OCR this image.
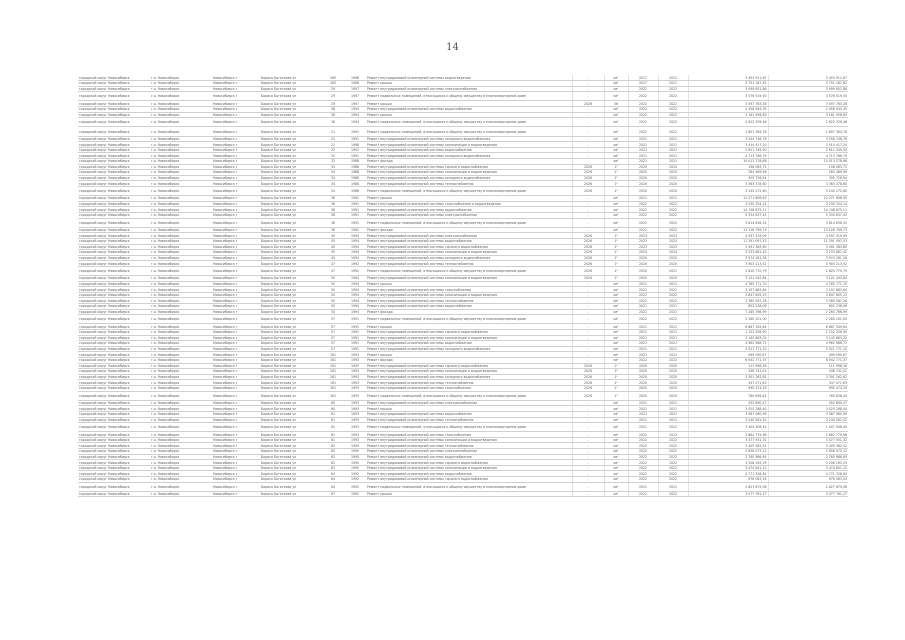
14
городской округ Новосибирск	г.о. Новосибирск	Новосибирск г	Бориса Богаткова ул	165	1998	Ремонт внутридомовой инженерной системы водоотведения	-	кв²	2017	2021	3 453 911,67	3 453 911,67
городской округ Новосибирск	г.о. Новосибирск	Новосибирск г	Бориса Богаткова ул	165	1998	Ремонт крыши	-	кв²	2017	2021	3 751 187,82	3 751 187,82
городской округ Новосибирск	г.о. Новосибирск	Новосибирск г	Бориса Богаткова ул	29	1997	Ремонт внутридомовой инженерной системы электроснабжения	-	кв²	2022	2022	3 099 651,86	3 099 651,86
городской округ Новосибирск	г.о. Новосибирск	Новосибирск г	Бориса Богаткова ул	29	1997	Ремонт подвальных помещений, относящихся к общему имуществу в многоквартирном доме	-	кв²	2022	2022	3 576 519,50	3 576 519,50
городской округ Новосибирск	г.о. Новосибирск	Новосибирск г	Бориса Богаткова ул	29	1997	Ремонт крыши	2026	56	2022	2022	3 597 763,28	3 597 763,28
городской округ Новосибирск	г.о. Новосибирск	Новосибирск г	Бориса Богаткова ул	38	1994	Ремонт внутридомовой инженерной системы водоснабжения	-	кв²	2022	2022	2 458 944,35	2 458 944,35
городской округ Новосибирск	г.о. Новосибирск	Новосибирск г	Бориса Богаткова ул	38	1994	Ремонт крыши	-	кв²	2022	2022	3 161 956,63	3 161 956,63
городской округ Новосибирск	г.о. Новосибирск	Новосибирск г	Бориса Богаткова ул	38	1994	Ремонт подвальных помещений, относящихся к общему имуществу в многоквартирном доме	-	кв²	2022	2022	2 622 329,46	2 622 329,46
городской округ Новосибирск	г.о. Новосибирск	Новосибирск г	Бориса Богаткова ул	21	1991	Ремонт подвальных помещений, относящихся к общему имуществу в многоквартирном доме	-	кв²	2022	2022	1 807 364,76	1 807 364,76
городской округ Новосибирск	г.о. Новосибирск	Новосибирск г	Бориса Богаткова ул	21	1991	Ремонт внутридомовой инженерной системы холодного водоснабжения	-	кв²	2021	2021	3 544 746,76	3 558 746,76
городской округ Новосибирск	г.о. Новосибирск	Новосибирск г	Бориса Богаткова ул	21	1988	Ремонт внутридомовой инженерной системы канализации и водоотведения	-	кв²	2021	2021	3 414 417,20	3 414 417,20
городской округ Новосибирск	г.о. Новосибирск	Новосибирск г	Бориса Богаткова ул	32	1991	Ремонт внутридомовой инженерной системы водоснабжения	-	кв²	2021	2021	2 611 349,50	2 611 349,50
городской округ Новосибирск	г.о. Новосибирск	Новосибирск г	Бориса Богаткова ул	32	1991	Ремонт внутридомовой инженерной системы холодного водоснабжения	-	кв²	2021	2021	4 713 766,79	4 713 766,79
городской округ Новосибирск	г.о. Новосибирск	Новосибирск г	Бориса Богаткова ул	32	1988	Ремонт фасада	-	кв²	2021	2021	10 013 278,98	10 013 278,98
городской округ Новосибирск	г.о. Новосибирск	Новосибирск г	Бориса Богаткова ул	34	1988	Ремонт внутридомовой инженерной системы горячего водоснабжения	2026	1²	2020	2020	158 063,72	158 063,72
городской округ Новосибирск	г.о. Новосибирск	Новосибирск г	Бориса Богаткова ул	34	1988	Ремонт внутридомовой инженерной системы канализации и водоотведения	2026	1²	2020	2020	284 469,96	284 469,96
городской округ Новосибирск	г.о. Новосибирск	Новосибирск г	Бориса Богаткова ул	34	1988	Ремонт внутридомовой инженерной системы холодного водоснабжения	2026	1²	2020	2020	305 726,94	305 726,94
городской округ Новосибирск	г.о. Новосибирск	Новосибирск г	Бориса Богаткова ул	34	1988	Ремонт внутридомовой инженерной системы теплоснабжения	2026	1²	2020	2020	3 363 378,60	3 363 378,60
городской округ Новосибирск	г.о. Новосибирск	Новосибирск г	Бориса Богаткова ул	34	1988	Ремонт подвальных помещений, относящихся к общему имуществу в многоквартирном доме	2026	1²	2020	2020	3 245 272,60	3 245 272,60
городской округ Новосибирск	г.о. Новосибирск	Новосибирск г	Бориса Богаткова ул	38	1991	Ремонт крыши	-	кв²	2021	2021	12 071 806,95	12 071 806,95
городской округ Новосибирск	г.о. Новосибирск	Новосибирск г	Бориса Богаткова ул	38	1991	Ремонт внутридомовой инженерной системы газоснабжения и водоотведения	-	кв²	2022	2022	3 230 354,14	3 230 354,14
городской округ Новосибирск	г.о. Новосибирск	Новосибирск г	Бориса Богаткова ул	38	1991	Ремонт внутридомовой инженерной системы водоснабжения	-	кв²	2022	2022	14 748 875,11	14 748 875,11
городской округ Новосибирск	г.о. Новосибирск	Новосибирск г	Бориса Богаткова ул	38	1991	Ремонт внутридомовой инженерной системы электроснабжения	-	кв²	2022	2022	5 334 637,45	5 334 637,45
городской округ Новосибирск	г.о. Новосибирск	Новосибирск г	Бориса Богаткова ул	38	1991	Ремонт подвальных помещений, относящихся к общему имуществу в многоквартирном доме	-	кв²	2022	2022	3 814 636,32	3 814 636,32
городской округ Новосибирск	г.о. Новосибирск	Новосибирск г	Бориса Богаткова ул	38	1991	Ремонт фасада	-	кв²	2022	2022	13 126 799,73	13 126 799,73
городской округ Новосибирск	г.о. Новосибирск	Новосибирск г	Бориса Богаткова ул	45	1994	Ремонт внутридомовой инженерной системы электроснабжения	2026	1²	2023	2023	4 597 319,09	4 597 319,09
городской округ Новосибирск	г.о. Новосибирск	Новосибирск г	Бориса Богаткова ул	45	1994	Ремонт внутридомовой инженерной системы водоснабжения	2026	1²	2023	2023	11 291 097,33	11 291 097,33
городской округ Новосибирск	г.о. Новосибирск	Новосибирск г	Бориса Богаткова ул	45	1994	Ремонт внутридомовой инженерной системы горячего водоснабжения	2026	1²	2023	2023	3 491 383,60	3 491 383,60
городской округ Новосибирск	г.о. Новосибирск	Новосибирск г	Бориса Богаткова ул	45	1994	Ремонт внутридомовой инженерной системы канализации и водоотведения	2026	1²	2024	2024	3 233 881,42	3 233 881,42
городской округ Новосибирск	г.о. Новосибирск	Новосибирск г	Бориса Богаткова ул	45	1994	Ремонт внутридомовой инженерной системы холодного водоснабжения	2026	1²	2020	2020	3 974 281,28	3 974 281,28
городской округ Новосибирск	г.о. Новосибирск	Новосибирск г	Бориса Богаткова ул	47	1992	Ремонт внутридомовой инженерной системы теплоснабжения	2026	1²	2020	2020	3 903 213,52	3 903 213,52
городской округ Новосибирск	г.о. Новосибирск	Новосибирск г	Бориса Богаткова ул	47	1992	Ремонт подвальных помещений, относящихся к общему имуществу в многоквартирном доме	2026	1²	2020	2021	2 820 770,79	2 820 770,79
городской округ Новосибирск	г.о. Новосибирск	Новосибирск г	Бориса Богаткова ул	50	1994	Ремонт внутридомовой инженерной системы канализации и водоотведения	2026	1²	2020	2020	3 121 442,84	3 121 442,84
городской округ Новосибирск	г.о. Новосибирск	Новосибирск г	Бориса Богаткова ул	50	1994	Ремонт крыши	-	кв²	2021	2021	4 785 771,70	4 785 771,70
городской округ Новосибирск	г.о. Новосибирск	Новосибирск г	Бориса Богаткова ул	50	1994	Ремонт внутридомовой инженерной системы газоснабжения	-	кв²	2021	2021	3 197 683,84	3 197 683,84
городской округ Новосибирск	г.о. Новосибирск	Новосибирск г	Бориса Богаткова ул	50	1994	Ремонт внутридомовой инженерной системы канализации и водоотведения	-	кв²	2022	2022	3 847 605,23	3 847 605,23
городской округ Новосибирск	г.о. Новосибирск	Новосибирск г	Бориса Богаткова ул	50	1994	Ремонт внутридомовой инженерной системы теплоснабжения	-	кв²	2022	2022	3 385 587,28	3 385 587,28
городской округ Новосибирск	г.о. Новосибирск	Новосибирск г	Бориса Богаткова ул	50	1994	Ремонт внутридомовой инженерной системы водоснабжения	-	кв²	2021	2021	802 238,06	802 238,06
городской округ Новосибирск	г.о. Новосибирск	Новосибирск г	Бориса Богаткова ул	50	1994	Ремонт фасада	-	кв²	2021	2021	7 265 766,99	7 265 766,99
городской округ Новосибирск	г.о. Новосибирск	Новосибирск г	Бориса Богаткова ул	57	1991	Ремонт подвальных помещений, относящихся к общему имуществу в многоквартирном доме	-	кв²	2022	2022	2 260 101,00	2 260 101,00
городской округ Новосибирск	г.о. Новосибирск	Новосибирск г	Бориса Богаткова ул	57	1991	Ремонт крыши	-	кв²	2021	2021	6 887 349,64	6 887 349,64
городской округ Новосибирск	г.о. Новосибирск	Новосибирск г	Бориса Богаткова ул	57	1991	Ремонт внутридомовой инженерной системы горячего водоснабжения	-	кв²	2021	2021	1 152 206,90	1 152 206,90
городской округ Новосибирск	г.о. Новосибирск	Новосибирск г	Бориса Богаткова ул	57	1991	Ремонт внутридомовой инженерной системы канализации и водоотведения	-	кв²	2021	2021	3 145 863,02	3 145 863,02
городской округ Новосибирск	г.о. Новосибирск	Новосибирск г	Бориса Богаткова ул	57	1991	Ремонт внутридомовой инженерной системы водоснабжения	-	кв²	2021	2021	4 962 986,72	4 962 986,72
городской округ Новосибирск	г.о. Новосибирск	Новосибирск г	Бориса Богаткова ул	57	1991	Ремонт внутридомовой инженерной системы холодного водоснабжения	-	кв²	2021	2021	3 021 771,10	3 021 771,10
городской округ Новосибирск	г.о. Новосибирск	Новосибирск г	Бориса Богаткова ул	161	1993	Ремонт крыши	-	кв²	2021	2021	499 090,67	499 090,67
городской округ Новосибирск	г.о. Новосибирск	Новосибирск г	Бориса Богаткова ул	161	1993	Ремонт фасада	-	кв²	2022	2022	6 942 771,37	6 942 771,37
городской округ Новосибирск	г.о. Новосибирск	Новосибирск г	Бориса Богаткова ул	161	1993	Ремонт внутридомовой инженерной системы горячего водоснабжения	2026	1²	2020	2020	111 998,36	111 998,36
городской округ Новосибирск	г.о. Новосибирск	Новосибирск г	Бориса Богаткова ул	161	1993	Ремонт внутридомовой инженерной системы канализации и водоотведения	2026	1²	2020	2020	348 741,02	348 741,02
городской округ Новосибирск	г.о. Новосибирск	Новосибирск г	Бориса Богаткова ул	161	1993	Ремонт внутридомовой инженерной системы холодного водоснабжения	2026	1²	2020	2020	3 301 262,62	3 301 262,62
городской округ Новосибирск	г.о. Новосибирск	Новосибирск г	Бориса Богаткова ул	161	1993	Ремонт внутридомовой инженерной системы теплоснабжения	2026	1²	2020	2020	347 071,63	347 071,63
городской округ Новосибирск	г.о. Новосибирск	Новосибирск г	Бориса Богаткова ул	161	1993	Ремонт внутридомовой инженерной системы газоснабжения	2026	1²	2020	2020	990 474,29	990 474,29
городской округ Новосибирск	г.о. Новосибирск	Новосибирск г	Бориса Богаткова ул	161	1993	Ремонт подвальных помещений, относящихся к общему имуществу в многоквартирном доме	2026	1²	2020	2020	760 636,44	760 636,44
городской округ Новосибирск	г.о. Новосибирск	Новосибирск г	Бориса Богаткова ул	60	1993	Ремонт внутридомовой инженерной системы электроснабжения	-	кв²	2021	2021	452 890,47	452 890,47
городской округ Новосибирск	г.о. Новосибирск	Новосибирск г	Бориса Богаткова ул	60	1993	Ремонт крыши	-	кв²	2021	2021	3 025 288,40	3 025 288,40
городской округ Новосибирск	г.о. Новосибирск	Новосибирск г	Бориса Богаткова ул	61	1993	Ремонт внутридомовой инженерной системы водоснабжения	-	кв²	2021	2021	3 087 060,99	3 087 060,99
городской округ Новосибирск	г.о. Новосибирск	Новосибирск г	Бориса Богаткова ул	61	1993	Ремонт внутридомовой инженерной системы теплоснабжения	-	кв²	2021	2021	3 240 561,52	3 240 561,52
городской округ Новосибирск	г.о. Новосибирск	Новосибирск г	Бориса Богаткова ул	61	1993	Ремонт подвальных помещений, относящихся к общему имуществу в многоквартирном доме	-	кв²	2021	2022	3 404 406,45	1 407 946,45
городской округ Новосибирск	г.о. Новосибирск	Новосибирск г	Бориса Богаткова ул	61	1993	Ремонт внутридомовой инженерной системы газоснабжения	-	кв²	2022	2022	2 862 779,96	2 862 779,96
городской округ Новосибирск	г.о. Новосибирск	Новосибирск г	Бориса Богаткова ул	61	1993	Ремонт внутридомовой инженерной системы канализации и водоотведения	-	кв²	2022	2022	3 477 931,32	3 477 931,32
городской округ Новосибирск	г.о. Новосибирск	Новосибирск г	Бориса Богаткова ул	62	1990	Ремонт внутридомовой инженерной системы теплоснабжения	-	кв²	2022	2022	3 405 382,52	3 405 382,52
городской округ Новосибирск	г.о. Новосибирск	Новосибирск г	Бориса Богаткова ул	62	1990	Ремонт внутридомовой инженерной системы электроснабжения	-	кв²	2022	2022	2 856 073,12	2 856 073,12
городской округ Новосибирск	г.о. Новосибирск	Новосибирск г	Бориса Богаткова ул	62	1990	Ремонт внутридомовой инженерной системы водоснабжения	-	кв²	2022	2022	2 760 986,65	2 760 986,65
городской округ Новосибирск	г.о. Новосибирск	Новосибирск г	Бориса Богаткова ул	62	1990	Ремонт внутридомовой инженерной системы горячего водоснабжения	-	кв²	2022	2022	3 208 163,29	3 208 163,29
городской округ Новосибирск	г.о. Новосибирск	Новосибирск г	Бориса Богаткова ул	62	1990	Ремонт внутридомовой инженерной системы канализации и водоотведения	-	кв²	2022	2022	3 474 841,12	3 474 841,12
городской округ Новосибирск	г.о. Новосибирск	Новосибирск г	Бориса Богаткова ул	64	1992	Ремонт внутридомовой инженерной системы водоснабжения	-	кв²	2022	2022	4 771 328,62	4 771 328,62
городской округ Новосибирск	г.о. Новосибирск	Новосибирск г	Бориса Богаткова ул	64	1992	Ремонт внутридомовой инженерной системы горячего водоснабжения	-	кв²	2022	2022	976 063,34	976 063,34
городской округ Новосибирск	г.о. Новосибирск	Новосибирск г	Бориса Богаткова ул	64	1992	Ремонт подвальных помещений, относящихся к общему имуществу в многоквартирном доме	-	кв²	2021	2021	2 827 679,08	2 827 679,08
городской округ Новосибирск	г.о. Новосибирск	Новосибирск г	Бориса Богаткова ул	67	1992	Ремонт крыши	-	кв²	2022	2022	3 077 761,27	3 077 761,27
